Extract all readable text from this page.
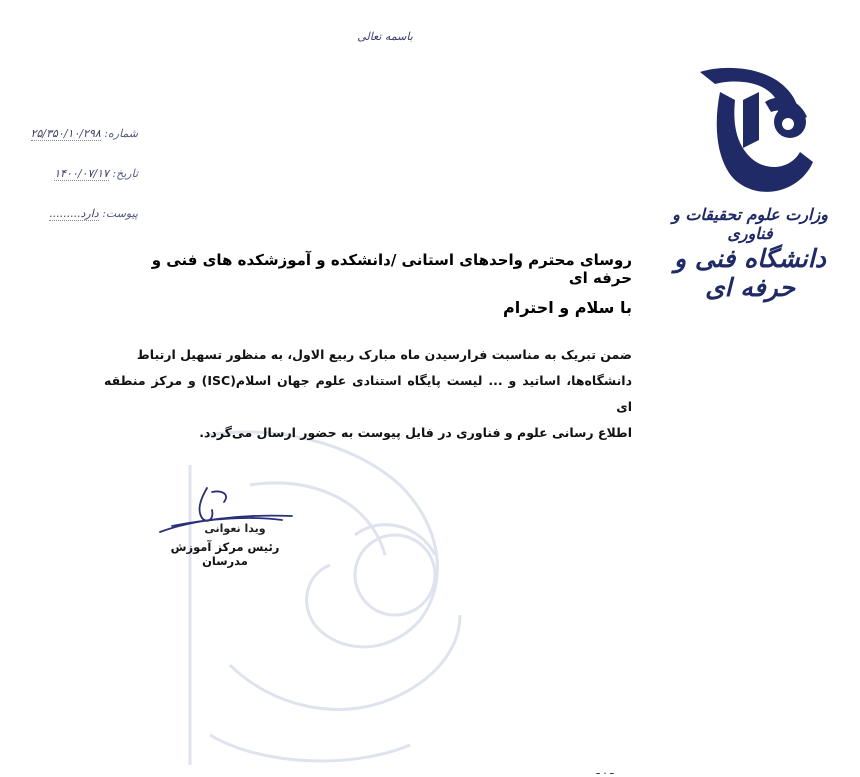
باسمه تعالی
شماره: ۲۵/۳۵۰/۱۰/۲۹۸
تاریخ: ۱۴۰۰/۰۷/۱۷
پیوست: دارد.........	وزارت علوم تحقیقات و فناوری
دانشگاه فنی و حرفه ای
روسای محترم واحدهای استانی /دانشکده و آموزشکده های فنی و حرفه ای
با سلام و احترام
ضمن تبریک به مناسبت فرارسیدن ماه مبارک ربیع الاول، به منظور تسهیل ارتباط
دانشگاه‌ها، اساتید و ... لیست پایگاه استنادی علوم جهان اسلام(ISC) و مرکز منطقه ای
اطلاع رسانی علوم و فناوری در فایل پیوست به حضور ارسال می‌گردد.
ویدا نعوانی
رئیس مرکز آموزش مدرسان
ـ . ـ
